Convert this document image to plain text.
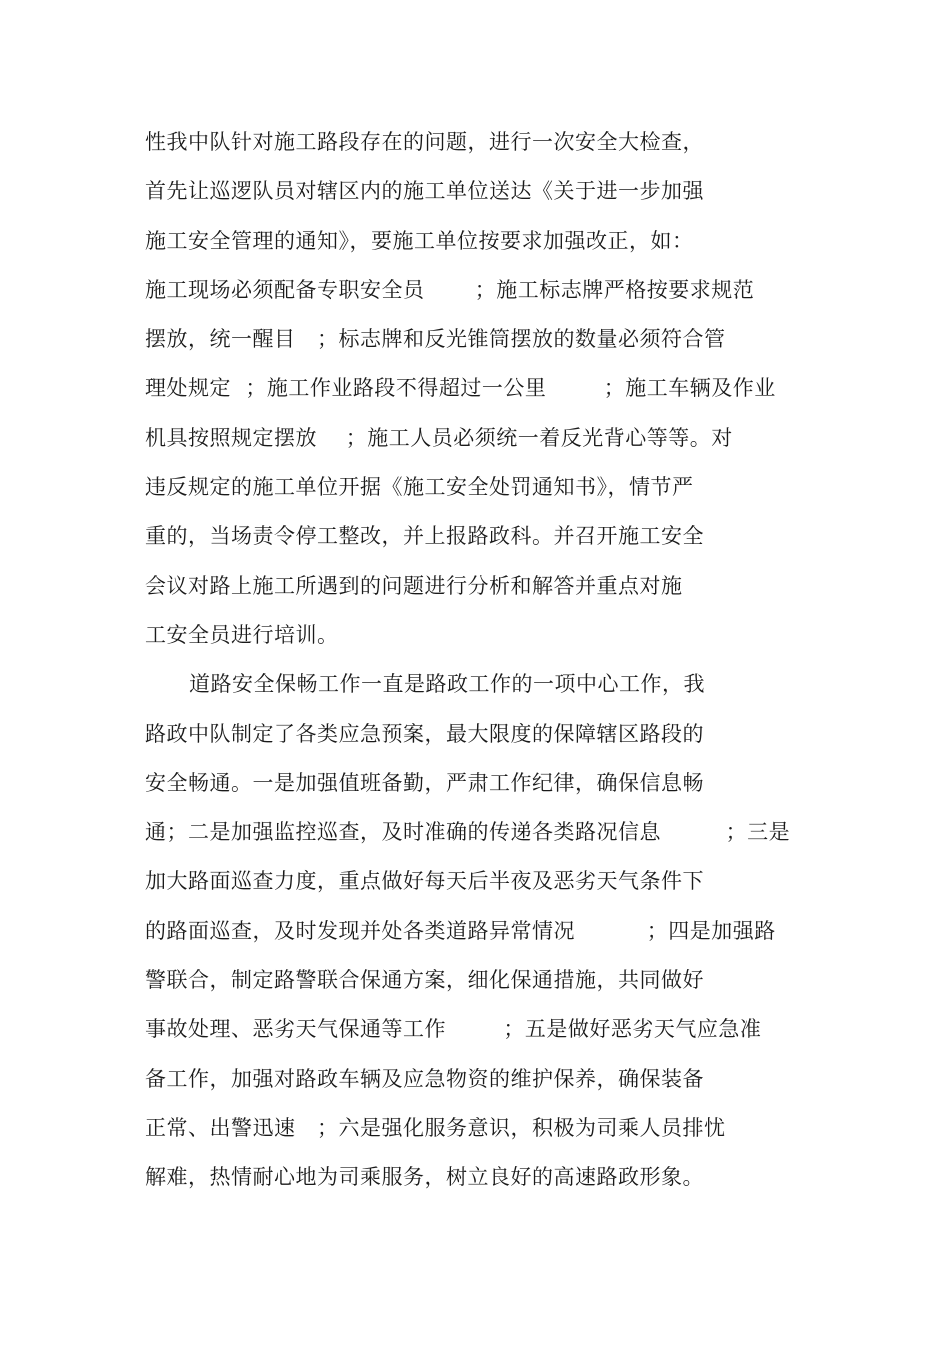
性我中队针对施工路段存在的问题，进行一次安全大检查，
首先让巡逻队员对辖区内的施工单位送达《关于进一步加强
施工安全管理的通知》，要施工单位按要求加强改正，如：
施工现场必须配备专职安全员       ；施工标志牌严格按要求规范
摆放，统一醒目   ；标志牌和反光锥筒摆放的数量必须符合管
理处规定  ；施工作业路段不得超过一公里        ；施工车辆及作业
机具按照规定摆放    ；施工人员必须统一着反光背心等等。对
违反规定的施工单位开据《施工安全处罚通知书》，情节严
重的，当场责令停工整改，并上报路政科。并召开施工安全
会议对路上施工所遇到的问题进行分析和解答并重点对施
工安全员进行培训。
道路安全保畅工作一直是路政工作的一项中心工作，我
路政中队制定了各类应急预案，最大限度的保障辖区路段的
安全畅通。一是加强值班备勤，严肃工作纪律，确保信息畅
通；二是加强监控巡查，及时准确的传递各类路况信息         ；三是
加大路面巡查力度，重点做好每天后半夜及恶劣天气条件下
的路面巡查，及时发现并处各类道路异常情况          ；四是加强路
警联合，制定路警联合保通方案，细化保通措施，共同做好
事故处理、恶劣天气保通等工作        ；五是做好恶劣天气应急准
备工作，加强对路政车辆及应急物资的维护保养，确保装备
正常、出警迅速   ；六是强化服务意识，积极为司乘人员排忧
解难，热情耐心地为司乘服务，树立良好的高速路政形象。
